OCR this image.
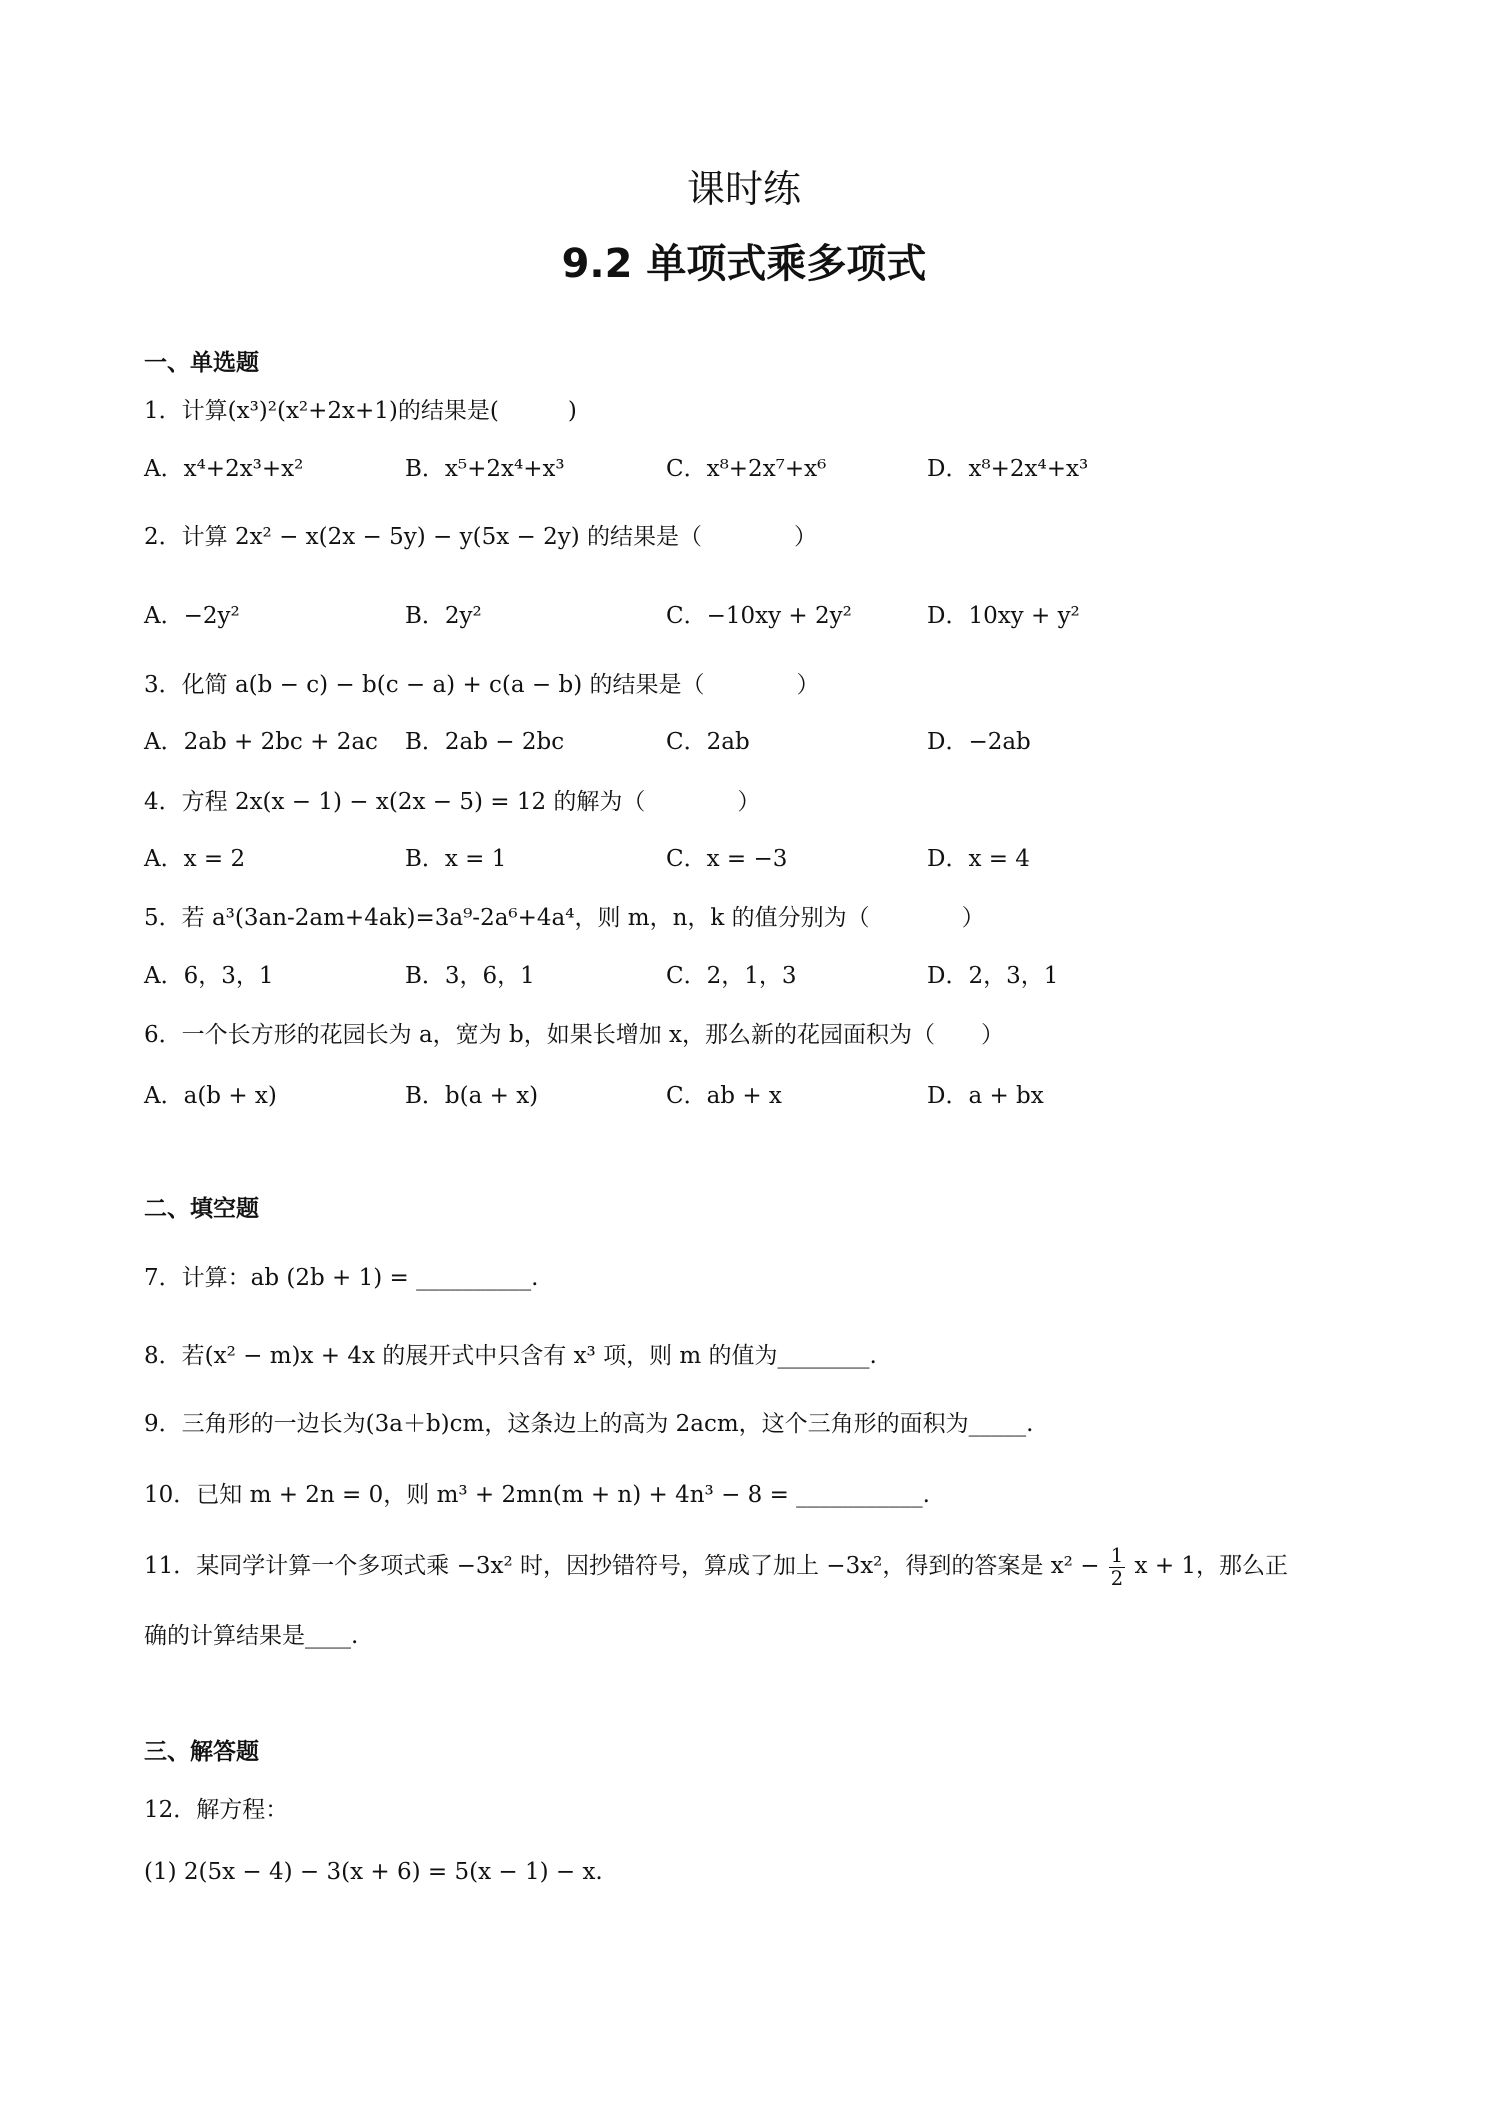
课时练
9.2 单项式乘多项式
一、单选题
1．计算(x³)²(x²+2x+1)的结果是(　　　)
A．x⁴+2x³+x²	B．x⁵+2x⁴+x³	C．x⁸+2x⁷+x⁶	D．x⁸+2x⁴+x³
2．计算 2x² − x(2x − 5y) − y(5x − 2y) 的结果是（　　　　）
A．−2y²	B．2y²	C．−10xy + 2y²	D．10xy + y²
3．化简 a(b − c) − b(c − a) + c(a − b) 的结果是（　　　　）
A．2ab + 2bc + 2ac B．2ab − 2bc	C．2ab	D．−2ab
4．方程 2x(x − 1) − x(2x − 5) = 12 的解为（　　　　）
A．x = 2	B．x = 1	C．x = −3	D．x = 4
5．若 a³(3an-2am+4ak)=3a⁹-2a⁶+4a⁴，则 m，n，k 的值分别为（　　　　）
A．6，3，1	B．3，6，1	C．2，1，3	D．2，3，1
6．一个长方形的花园长为 a，宽为 b，如果长增加 x，那么新的花园面积为（　　）
A．a(b + x)	B．b(a + x)	C．ab + x	D．a + bx
二、填空题
7．计算：ab (2b + 1) = __________.
8．若(x² − m)x + 4x 的展开式中只含有 x³ 项，则 m 的值为________.
9．三角形的一边长为(3a＋b)cm，这条边上的高为 2acm，这个三角形的面积为_____.
10．已知 m + 2n = 0，则 m³ + 2mn(m + n) + 4n³ − 8 = ___________.
11．某同学计算一个多项式乘 −3x² 时，因抄错符号，算成了加上 −3x²，得到的答案是 $x^2 - \frac{1}{2}$ x + 1，那么正
确的计算结果是____.
三、解答题
12．解方程：
(1) 2(5x − 4) − 3(x + 6) = 5(x − 1) − x.
